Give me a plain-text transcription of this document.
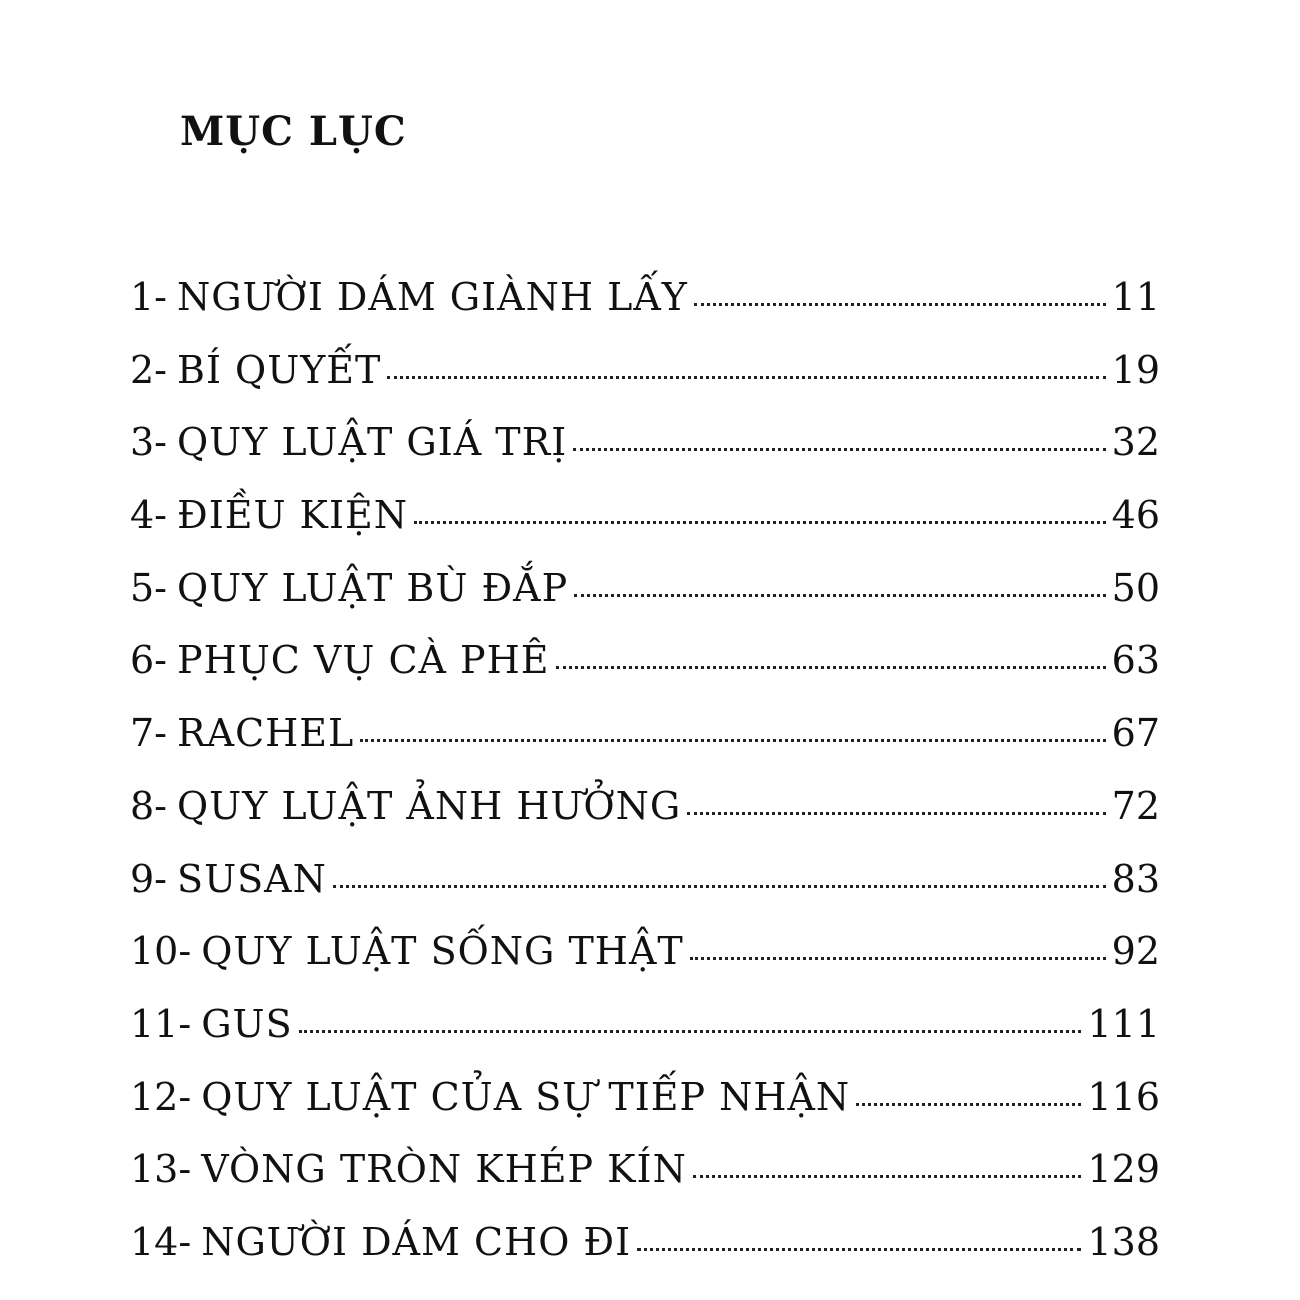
MỤC LỤC
1- NGƯỜI DÁM GIÀNH LẤY	11
2- BÍ QUYẾT	19
3- QUY LUẬT GIÁ TRỊ	32
4- ĐIỀU KIỆN	46
5- QUY LUẬT BÙ ĐẮP	50
6- PHỤC VỤ CÀ PHÊ	63
7- RACHEL	67
8- QUY LUẬT ẢNH HƯỞNG	72
9- SUSAN	83
10- QUY LUẬT SỐNG THẬT	92
11- GUS	111
12- QUY LUẬT CỦA SỰ TIẾP NHẬN	116
13- VÒNG TRÒN KHÉP KÍN	129
14- NGƯỜI DÁM CHO ĐI	138
